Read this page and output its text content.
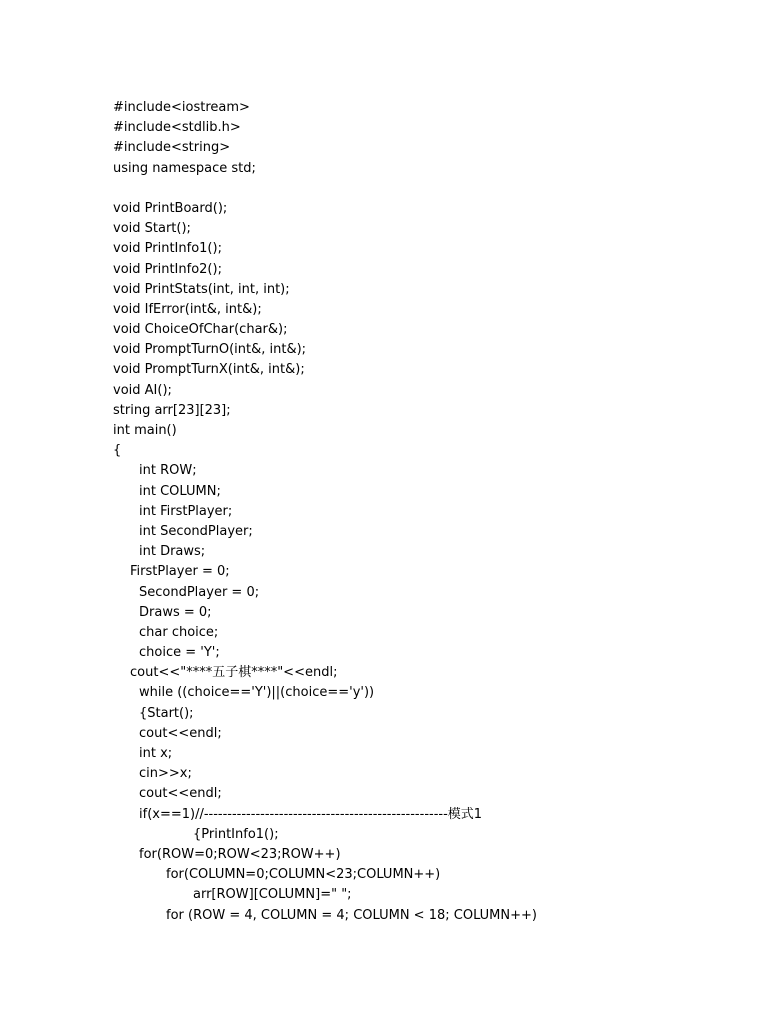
#include<iostream>
#include<stdlib.h>
#include<string>
using namespace std;
void PrintBoard();
void Start();
void PrintInfo1();
void PrintInfo2();
void PrintStats(int, int, int);
void IfError(int&, int&);
void ChoiceOfChar(char&);
void PromptTurnO(int&, int&);
void PromptTurnX(int&, int&);
void AI();
string arr[23][23];
int main()
{
int ROW;
int COLUMN;
int FirstPlayer;
int SecondPlayer;
int Draws;
FirstPlayer = 0;
SecondPlayer = 0;
Draws = 0;
char choice;
choice = 'Y';
cout<<"****五子棋****"<<endl;
while ((choice=='Y')||(choice=='y'))
{Start();
cout<<endl;
int x;
cin>>x;
cout<<endl;
if(x==1)//----------------------------------------------------模式1
{PrintInfo1();
for(ROW=0;ROW<23;ROW++)
for(COLUMN=0;COLUMN<23;COLUMN++)
arr[ROW][COLUMN]=" ";
for (ROW = 4, COLUMN = 4; COLUMN < 18; COLUMN++)
